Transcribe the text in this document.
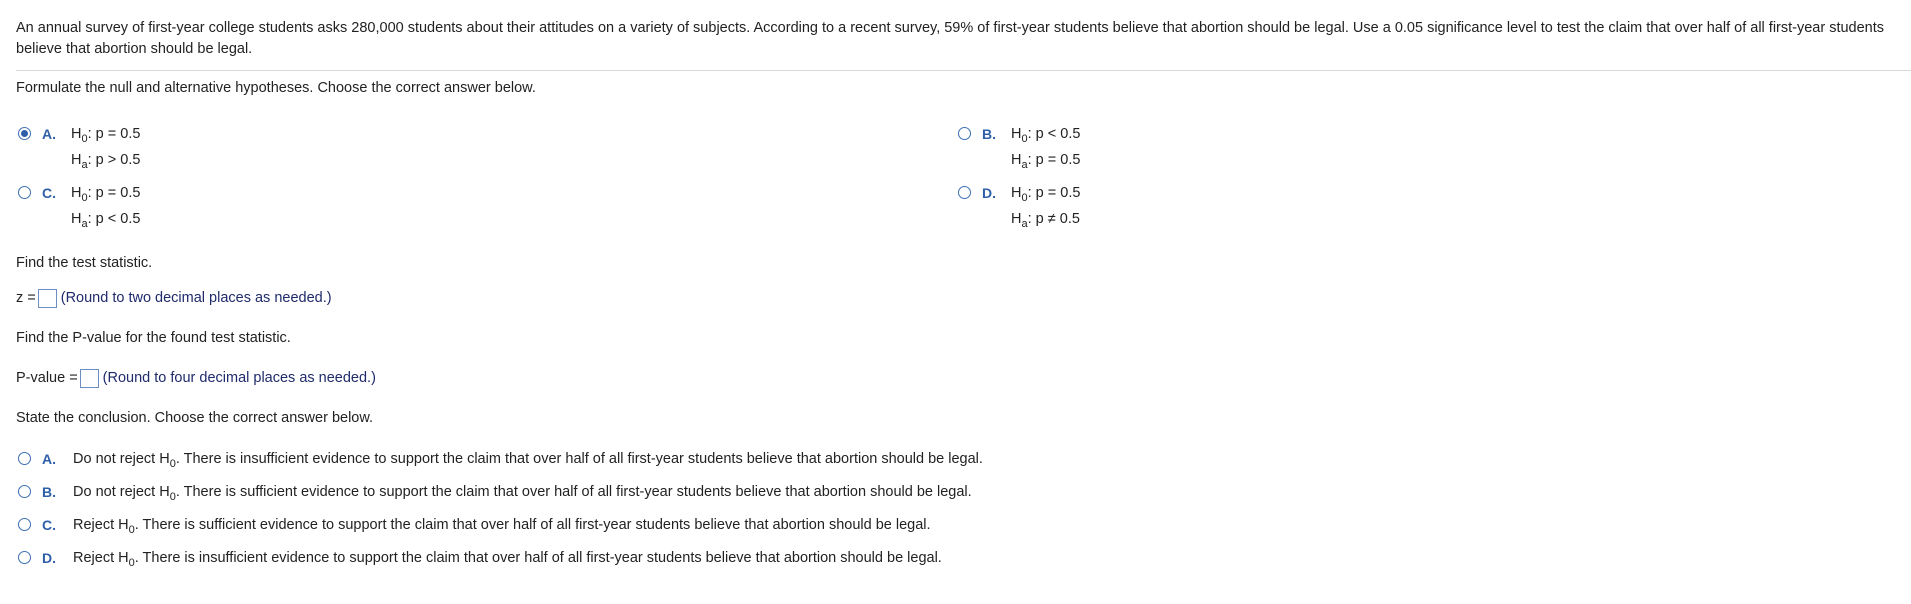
An annual survey of first-year college students asks 280,000 students about their attitudes on a variety of subjects. According to a recent survey, 59% of first-year students believe that abortion should be legal. Use a 0.05 significance level to test the claim that over half of all first-year students believe that abortion should be legal.
Formulate the null and alternative hypotheses. Choose the correct answer below.
A. $H_0$: p = 0.5
$H_a$: p > 0.5
B. $H_0$: p < 0.5
$H_a$: p = 0.5
C. $H_0$: p = 0.5
$H_a$: p < 0.5
D. $H_0$: p = 0.5
$H_a$: p ≠ 0.5
Find the test statistic.
z = (Round to two decimal places as needed.)
Find the P-value for the found test statistic.
P-value = (Round to four decimal places as needed.)
State the conclusion. Choose the correct answer below.
A. Do not reject $H_0$. There is insufficient evidence to support the claim that over half of all first-year students believe that abortion should be legal.
B. Do not reject $H_0$. There is sufficient evidence to support the claim that over half of all first-year students believe that abortion should be legal.
C. Reject $H_0$. There is sufficient evidence to support the claim that over half of all first-year students believe that abortion should be legal.
D. Reject $H_0$. There is insufficient evidence to support the claim that over half of all first-year students believe that abortion should be legal.
